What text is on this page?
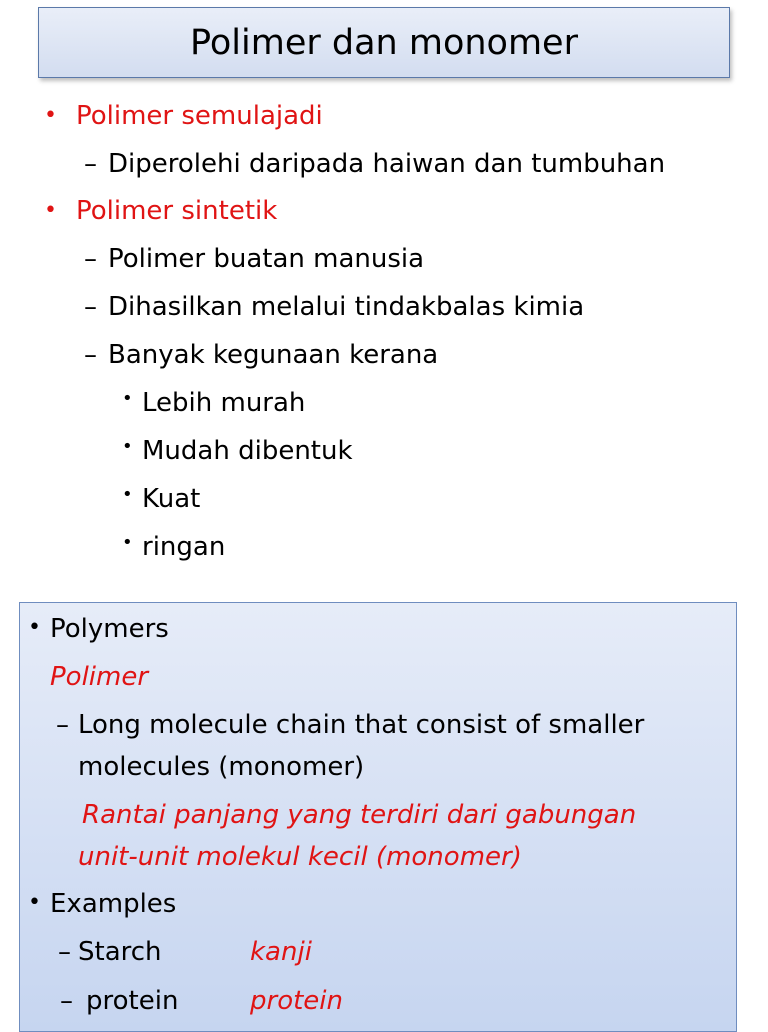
Polimer dan monomer
• Polimer semulajadi
– Diperolehi daripada haiwan dan tumbuhan
• Polimer sintetik
– Polimer buatan manusia
– Dihasilkan melalui tindakbalas kimia
– Banyak kegunaan kerana
• Lebih murah
• Mudah dibentuk
• Kuat
• ringan
• Polymers
Polimer
– Long molecule chain that consist of smaller
molecules (monomer)
Rantai panjang yang terdiri dari gabungan
unit-unit molekul kecil (monomer)
• Examples
– Starch	kanji
– protein	protein
